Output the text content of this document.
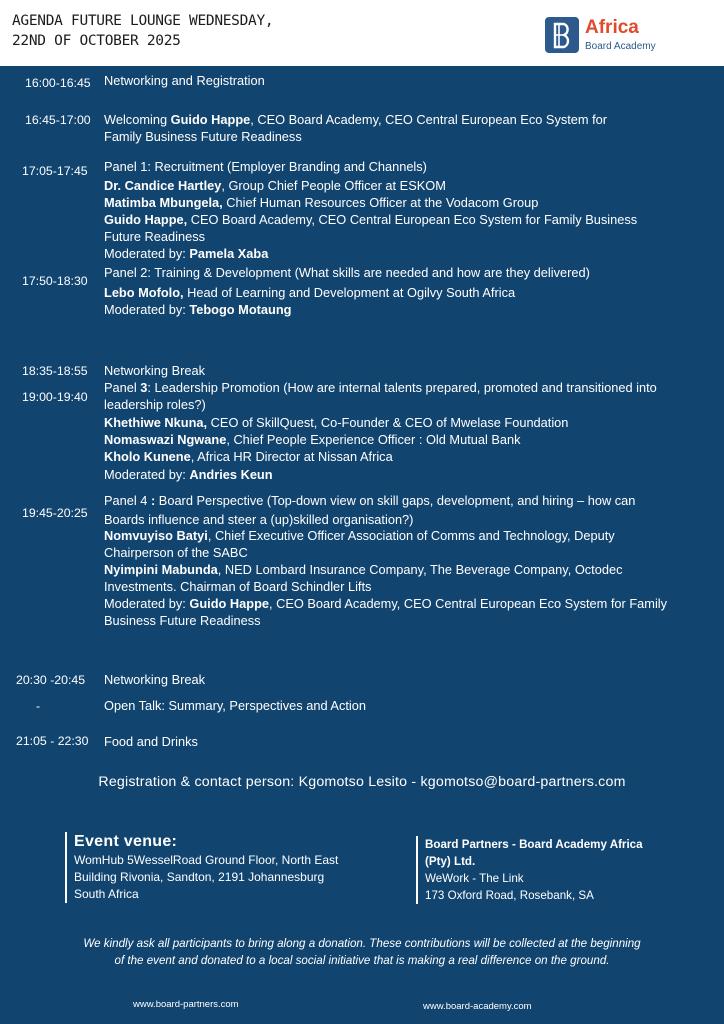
AGENDA FUTURE LOUNGE WEDNESDAY,
22ND OF OCTOBER 2025
Africa
Board Academy
16:00-16:45 Networking and Registration
16:45-17:00 Welcoming Guido Happe, CEO Board Academy, CEO Central European Eco System for
Family Business Future Readiness
17:05-17:45 Panel 1: Recruitment (Employer Branding and Channels)
Dr. Candice Hartley, Group Chief People Officer at ESKOM
Matimba Mbungela, Chief Human Resources Officer at the Vodacom Group
Guido Happe, CEO Board Academy, CEO Central European Eco System for Family Business
Future Readiness
Moderated by: Pamela Xaba
17:50-18:30
Panel 2: Training & Development (What skills are needed and how are they delivered)
Lebo Mofolo, Head of Learning and Development at Ogilvy South Africa
Moderated by: Tebogo Motaung
18:35-18:55 Networking Break
19:00-19:40
Panel 3: Leadership Promotion (How are internal talents prepared, promoted and transitioned into
leadership roles?)
Khethiwe Nkuna, CEO of SkillQuest, Co-Founder & CEO of Mwelase Foundation
Nomaswazi Ngwane, Chief People Experience Officer : Old Mutual Bank
Kholo Kunene, Africa HR Director at Nissan Africa
Moderated by: Andries Keun
19:45-20:25
Panel 4 : Board Perspective (Top-down view on skill gaps, development, and hiring – how can
Boards influence and steer a (up)skilled organisation?)
Nomvuyiso Batyi, Chief Executive Officer Association of Comms and Technology, Deputy
Chairperson of the SABC
Nyimpini Mabunda, NED Lombard Insurance Company, The Beverage Company, Octodec
Investments. Chairman of Board Schindler Lifts
Moderated by: Guido Happe, CEO Board Academy, CEO Central European Eco System for Family
Business Future Readiness
20:30 -20:45 Networking Break
-	Open Talk: Summary, Perspectives and Action
21:05 - 22:30 Food and Drinks
Registration & contact person: Kgomotso Lesito - kgomotso@board-partners.com
Event venue:
WomHub 5WesselRoad Ground Floor, North East
Building Rivonia, Sandton, 2191 Johannesburg
South Africa
Board Partners - Board Academy Africa
(Pty) Ltd.
WeWork - The Link
173 Oxford Road, Rosebank, SA
We kindly ask all participants to bring along a donation. These contributions will be collected at the beginning
of the event and donated to a local social initiative that is making a real difference on the ground.
www.board-partners.com	www.board-academy.com
